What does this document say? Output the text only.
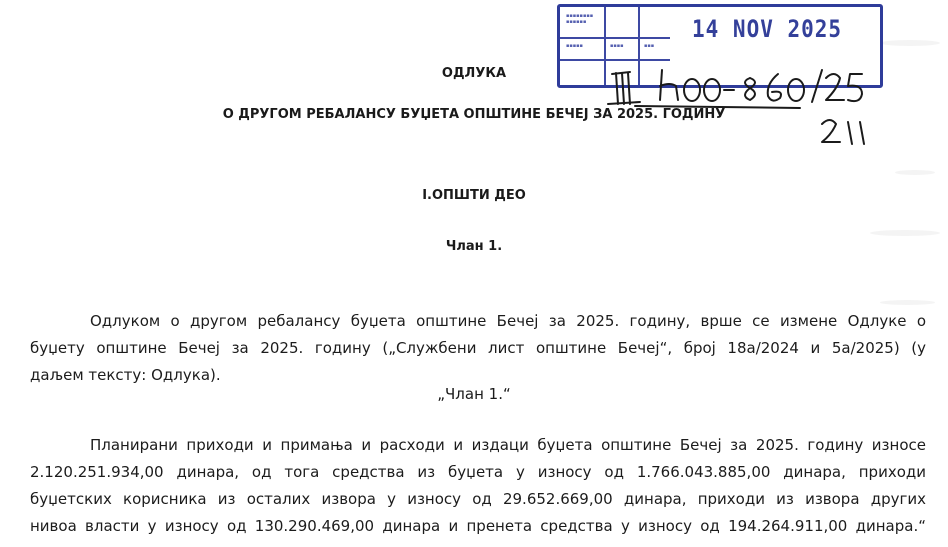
▪▪▪▪▪▪▪▪
▪▪▪▪▪▪
▪▪▪▪▪	▪▪▪▪	▪▪▪
14 NOV 2025
ОДЛУКА
О ДРУГОМ РЕБАЛАНСУ БУЏЕТА ОПШТИНЕ БЕЧЕЈ ЗА 2025. ГОДИНУ
I.ОПШТИ ДЕО
Члан 1.
Одлуком о другом ребалансу буџета општине Бечеј за 2025. годину, врше се измене Одлуке о
буџету општине Бечеј за 2025. годину („Службени лист општине Бечеј“, број 18а/2024 и 5а/2025) (у
даљем тексту: Одлука).
„Члан 1.“
Планирани приходи и примања и расходи и издаци буџета општине Бечеј за 2025. годину износе
2.120.251.934,00 динара, од тога средства из буџета у износу од 1.766.043.885,00 динара, приходи
буџетских корисника из осталих извора у износу од 29.652.669,00 динара, приходи из извора других
нивоа власти у износу од 130.290.469,00 динара и пренета средства у износу од 194.264.911,00 динара.“
